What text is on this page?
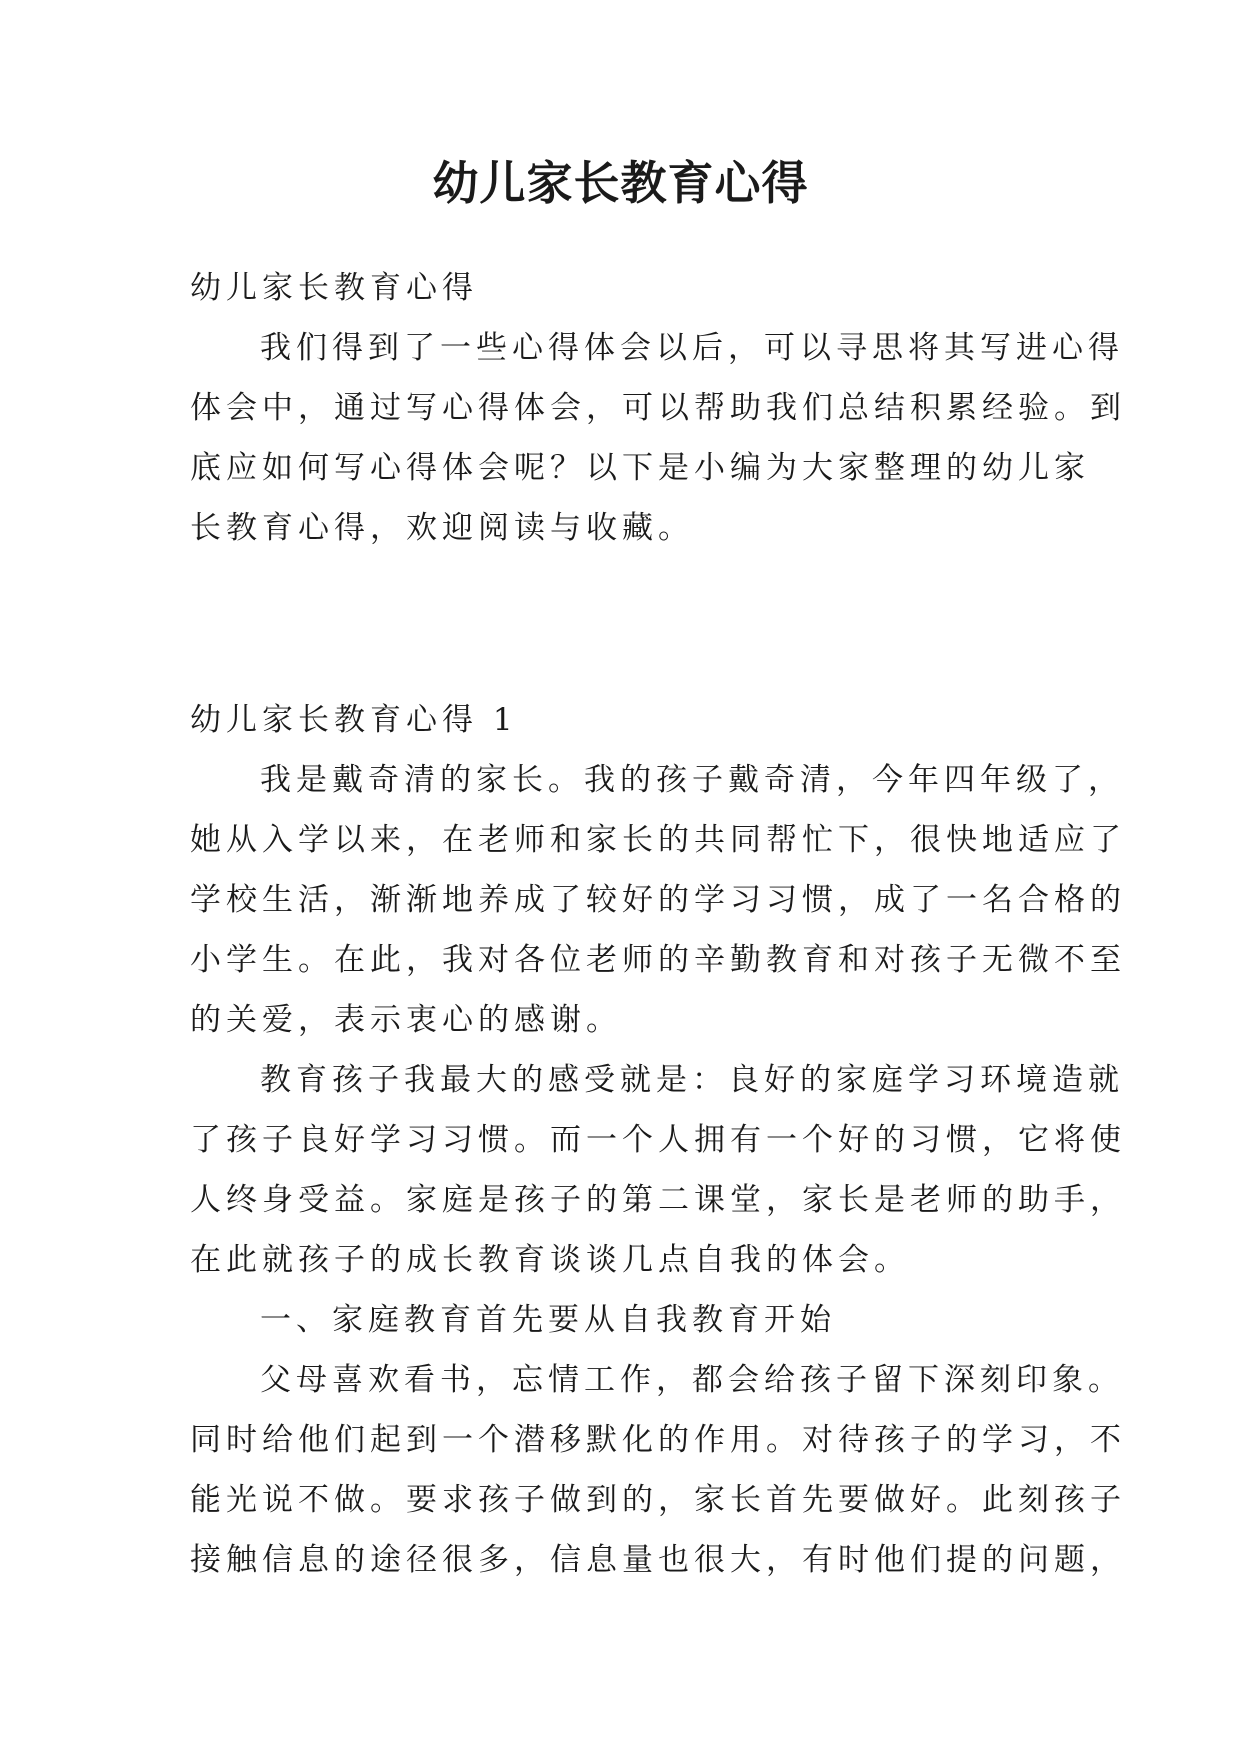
幼儿家长教育心得
幼儿家长教育心得
我们得到了一些心得体会以后，可以寻思将其写进心得
体会中，通过写心得体会，可以帮助我们总结积累经验。到
底应如何写心得体会呢？以下是小编为大家整理的幼儿家
长教育心得，欢迎阅读与收藏。
幼儿家长教育心得 1
我是戴奇清的家长。我的孩子戴奇清，今年四年级了，
她从入学以来，在老师和家长的共同帮忙下，很快地适应了
学校生活，渐渐地养成了较好的学习习惯，成了一名合格的
小学生。在此，我对各位老师的辛勤教育和对孩子无微不至
的关爱，表示衷心的感谢。
教育孩子我最大的感受就是：良好的家庭学习环境造就
了孩子良好学习习惯。而一个人拥有一个好的习惯，它将使
人终身受益。家庭是孩子的第二课堂，家长是老师的助手，
在此就孩子的成长教育谈谈几点自我的体会。
一、家庭教育首先要从自我教育开始
父母喜欢看书，忘情工作，都会给孩子留下深刻印象。
同时给他们起到一个潜移默化的作用。对待孩子的学习，不
能光说不做。要求孩子做到的，家长首先要做好。此刻孩子
接触信息的途径很多，信息量也很大，有时他们提的问题，
